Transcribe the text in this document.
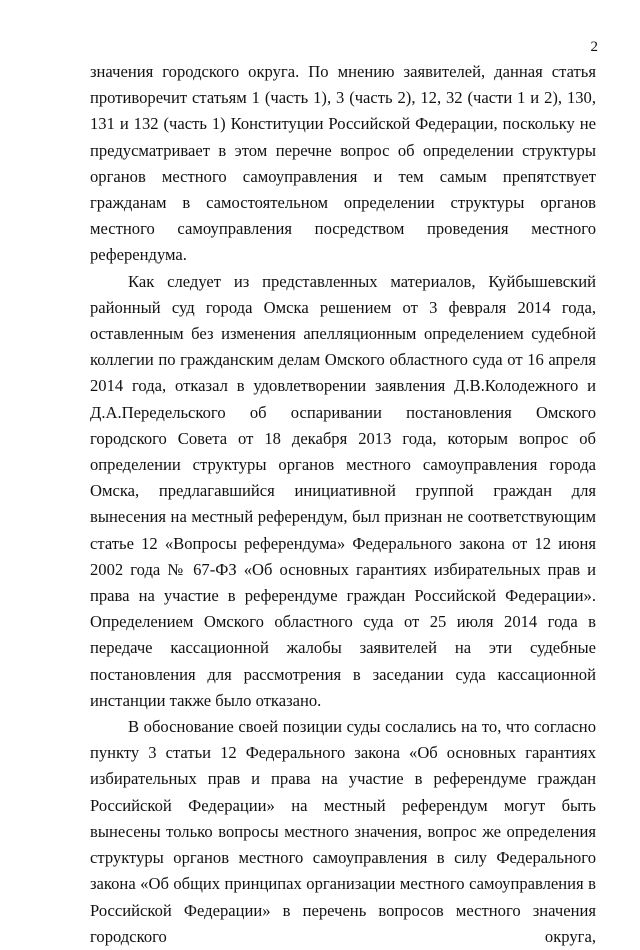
2

значения городского округа. По мнению заявителей, данная статья противоречит статьям 1 (часть 1), 3 (часть 2), 12, 32 (части 1 и 2), 130, 131 и 132 (часть 1) Конституции Российской Федерации, поскольку не предусматривает в этом перечне вопрос об определении структуры органов местного самоуправления и тем самым препятствует гражданам в самостоятельном определении структуры органов местного самоуправления посредством проведения местного референдума.

Как следует из представленных материалов, Куйбышевский районный суд города Омска решением от 3 февраля 2014 года, оставленным без изменения апелляционным определением судебной коллегии по гражданским делам Омского областного суда от 16 апреля 2014 года, отказал в удовлетворении заявления Д.В.Колодежного и Д.А.Передельского об оспаривании постановления Омского городского Совета от 18 декабря 2013 года, которым вопрос об определении структуры органов местного самоуправления города Омска, предлагавшийся инициативной группой граждан для вынесения на местный референдум, был признан не соответствующим статье 12 «Вопросы референдума» Федерального закона от 12 июня 2002 года № 67-ФЗ «Об основных гарантиях избирательных прав и права на участие в референдуме граждан Российской Федерации». Определением Омского областного суда от 25 июля 2014 года в передаче кассационной жалобы заявителей на эти судебные постановления для рассмотрения в заседании суда кассационной инстанции также было отказано.

В обоснование своей позиции суды сослались на то, что согласно пункту 3 статьи 12 Федерального закона «Об основных гарантиях избирательных прав и права на участие в референдуме граждан Российской Федерации» на местный референдум могут быть вынесены только вопросы местного значения, вопрос же определения структуры органов местного самоуправления в силу Федерального закона «Об общих принципах организации местного самоуправления в Российской Федерации» в перечень вопросов местного значения городского округа,
